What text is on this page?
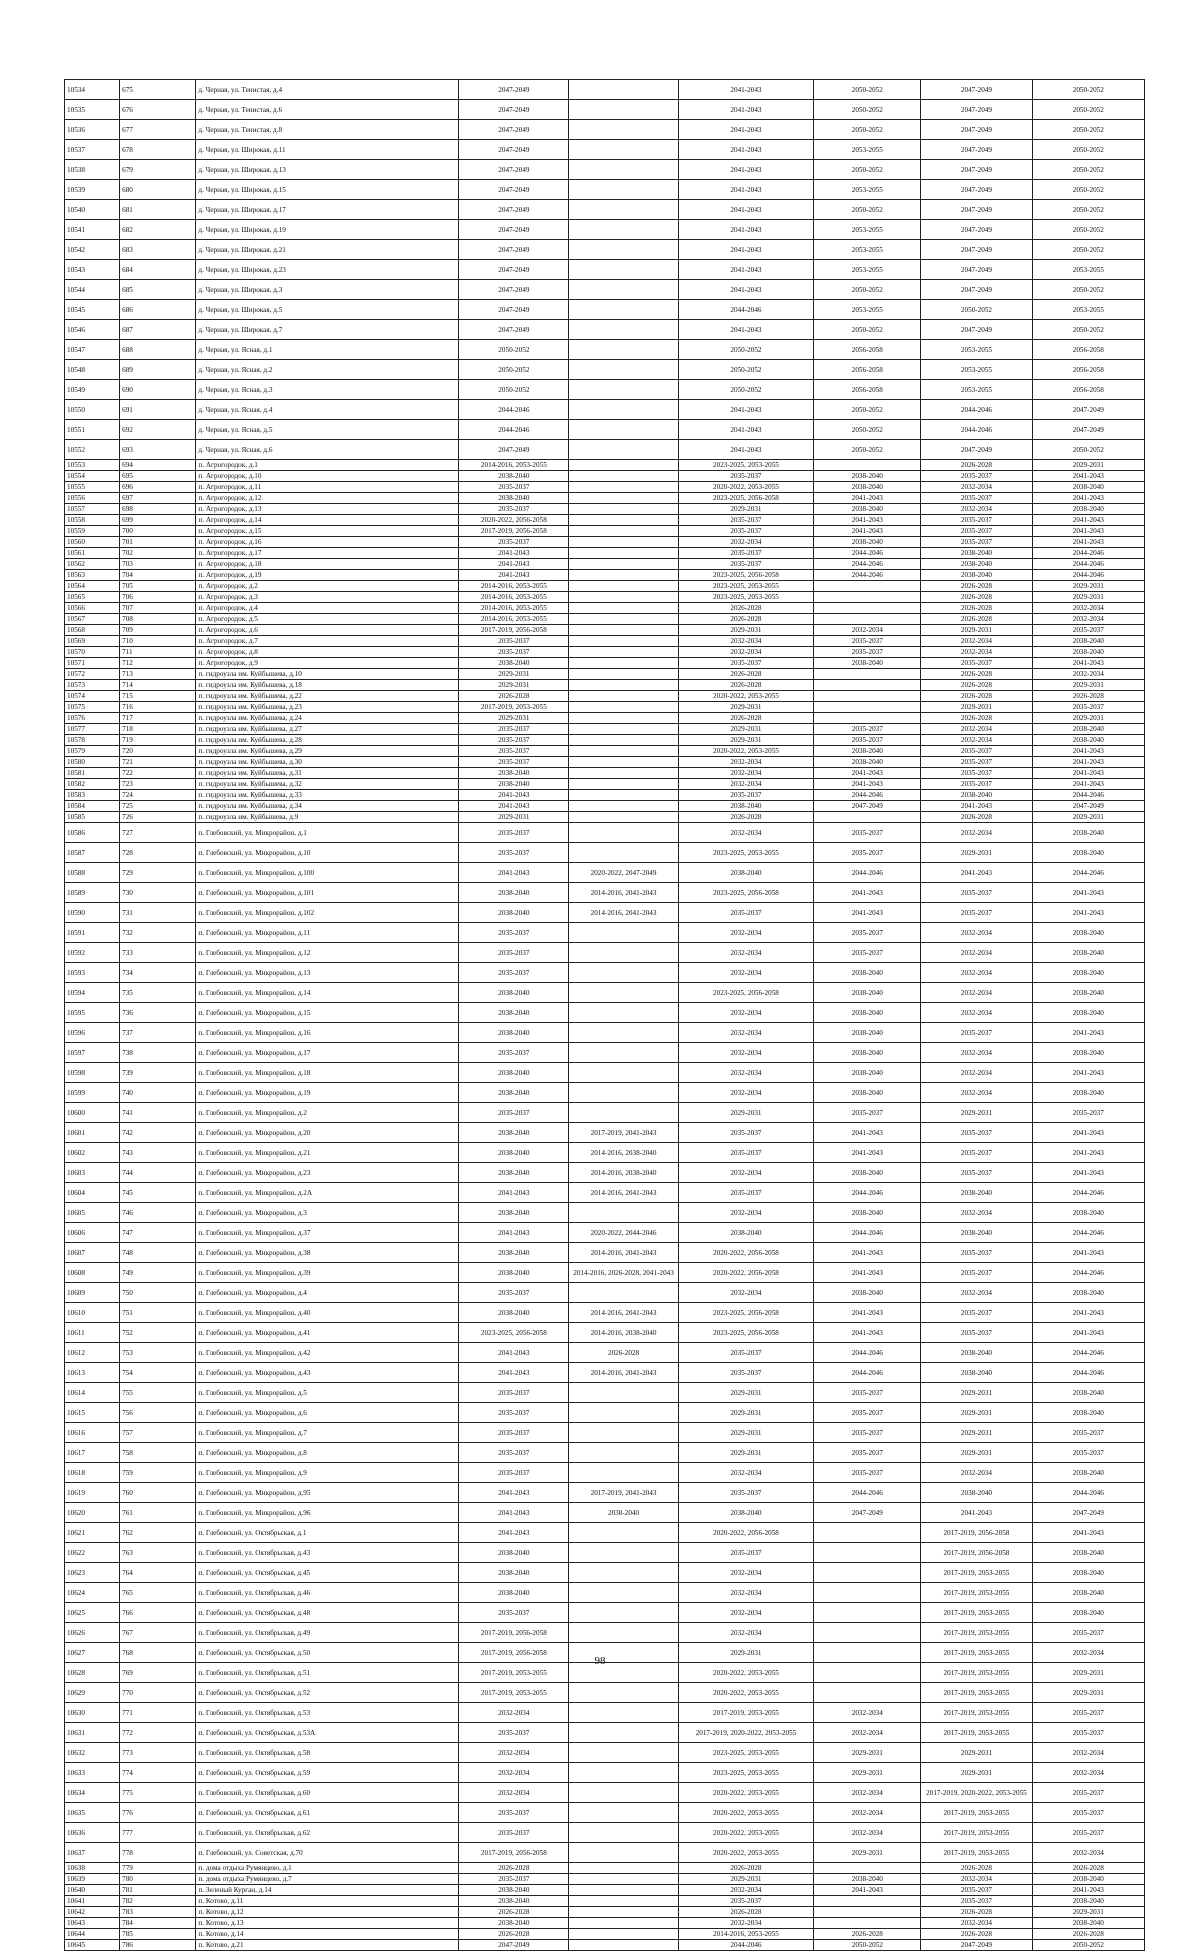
10534	675	д. Черная, ул. Тенистая, д.4	2047-2049		2041-2043	2050-2052	2047-2049	2050-2052
10535	676	д. Черная, ул. Тенистая, д.6	2047-2049		2041-2043	2050-2052	2047-2049	2050-2052
10536	677	д. Черная, ул. Тенистая, д.8	2047-2049		2041-2043	2050-2052	2047-2049	2050-2052
10537	678	д. Черная, ул. Широкая, д.11	2047-2049		2041-2043	2053-2055	2047-2049	2050-2052
10538	679	д. Черная, ул. Широкая, д.13	2047-2049		2041-2043	2050-2052	2047-2049	2050-2052
10539	680	д. Черная, ул. Широкая, д.15	2047-2049		2041-2043	2053-2055	2047-2049	2050-2052
10540	681	д. Черная, ул. Широкая, д.17	2047-2049		2041-2043	2050-2052	2047-2049	2050-2052
10541	682	д. Черная, ул. Широкая, д.19	2047-2049		2041-2043	2053-2055	2047-2049	2050-2052
10542	683	д. Черная, ул. Широкая, д.21	2047-2049		2041-2043	2053-2055	2047-2049	2050-2052
10543	684	д. Черная, ул. Широкая, д.23	2047-2049		2041-2043	2053-2055	2047-2049	2053-2055
10544	685	д. Черная, ул. Широкая, д.3	2047-2049		2041-2043	2050-2052	2047-2049	2050-2052
10545	686	д. Черная, ул. Широкая, д.5	2047-2049		2044-2046	2053-2055	2050-2052	2053-2055
10546	687	д. Черная, ул. Широкая, д.7	2047-2049		2041-2043	2050-2052	2047-2049	2050-2052
10547	688	д. Черная, ул. Ясная, д.1	2050-2052		2050-2052	2056-2058	2053-2055	2056-2058
10548	689	д. Черная, ул. Ясная, д.2	2050-2052		2050-2052	2056-2058	2053-2055	2056-2058
10549	690	д. Черная, ул. Ясная, д.3	2050-2052		2050-2052	2056-2058	2053-2055	2056-2058
10550	691	д. Черная, ул. Ясная, д.4	2044-2046		2041-2043	2050-2052	2044-2046	2047-2049
10551	692	д. Черная, ул. Ясная, д.5	2044-2046		2041-2043	2050-2052	2044-2046	2047-2049
10552	693	д. Черная, ул. Ясная, д.6	2047-2049		2041-2043	2050-2052	2047-2049	2050-2052
10553	694	п. Агрогородок, д.1	2014-2016, 2053-2055		2023-2025, 2053-2055		2026-2028	2029-2031
10554	695	п. Агрогородок, д.10	2038-2040		2035-2037	2038-2040	2035-2037	2041-2043
10555	696	п. Агрогородок, д.11	2035-2037		2020-2022, 2053-2055	2038-2040	2032-2034	2038-2040
10556	697	п. Агрогородок, д.12	2038-2040		2023-2025, 2056-2058	2041-2043	2035-2037	2041-2043
10557	698	п. Агрогородок, д.13	2035-2037		2029-2031	2038-2040	2032-2034	2038-2040
10558	699	п. Агрогородок, д.14	2020-2022, 2056-2058		2035-2037	2041-2043	2035-2037	2041-2043
10559	700	п. Агрогородок, д.15	2017-2019, 2056-2058		2035-2037	2041-2043	2035-2037	2041-2043
10560	701	п. Агрогородок, д.16	2035-2037		2032-2034	2038-2040	2035-2037	2041-2043
10561	702	п. Агрогородок, д.17	2041-2043		2035-2037	2044-2046	2038-2040	2044-2046
10562	703	п. Агрогородок, д.18	2041-2043		2035-2037	2044-2046	2038-2040	2044-2046
10563	704	п. Агрогородок, д.19	2041-2043		2023-2025, 2056-2058	2044-2046	2038-2040	2044-2046
10564	705	п. Агрогородок, д.2	2014-2016, 2053-2055		2023-2025, 2053-2055		2026-2028	2029-2031
10565	706	п. Агрогородок, д.3	2014-2016, 2053-2055		2023-2025, 2053-2055		2026-2028	2029-2031
10566	707	п. Агрогородок, д.4	2014-2016, 2053-2055		2026-2028		2026-2028	2032-2034
10567	708	п. Агрогородок, д.5	2014-2016, 2053-2055		2026-2028		2026-2028	2032-2034
10568	709	п. Агрогородок, д.6	2017-2019, 2056-2058		2029-2031	2032-2034	2029-2031	2035-2037
10569	710	п. Агрогородок, д.7	2035-2037		2032-2034	2035-2037	2032-2034	2038-2040
10570	711	п. Агрогородок, д.8	2035-2037		2032-2034	2035-2037	2032-2034	2038-2040
10571	712	п. Агрогородок, д.9	2038-2040		2035-2037	2038-2040	2035-2037	2041-2043
10572	713	п. гидроузла им. Куйбышева, д.10	2029-2031		2026-2028		2026-2028	2032-2034
10573	714	п. гидроузла им. Куйбышева, д.18	2029-2031		2026-2028		2026-2028	2029-2031
10574	715	п. гидроузла им. Куйбышева, д.22	2026-2028		2020-2022, 2053-2055		2026-2028	2026-2028
10575	716	п. гидроузла им. Куйбышева, д.23	2017-2019, 2053-2055		2029-2031		2029-2031	2035-2037
10576	717	п. гидроузла им. Куйбышева, д.24	2029-2031		2026-2028		2026-2028	2029-2031
10577	718	п. гидроузла им. Куйбышева, д.27	2035-2037		2029-2031	2035-2037	2032-2034	2038-2040
10578	719	п. гидроузла им. Куйбышева, д.28	2035-2037		2029-2031	2035-2037	2032-2034	2038-2040
10579	720	п. гидроузла им. Куйбышева, д.29	2035-2037		2020-2022, 2053-2055	2038-2040	2035-2037	2041-2043
10580	721	п. гидроузла им. Куйбышева, д.30	2035-2037		2032-2034	2038-2040	2035-2037	2041-2043
10581	722	п. гидроузла им. Куйбышева, д.31	2038-2040		2032-2034	2041-2043	2035-2037	2041-2043
10582	723	п. гидроузла им. Куйбышева, д.32	2038-2040		2032-2034	2041-2043	2035-2037	2041-2043
10583	724	п. гидроузла им. Куйбышева, д.33	2041-2043		2035-2037	2044-2046	2038-2040	2044-2046
10584	725	п. гидроузла им. Куйбышева, д.34	2041-2043		2038-2040	2047-2049	2041-2043	2047-2049
10585	726	п. гидроузла им. Куйбышева, д.9	2029-2031		2026-2028		2026-2028	2029-2031
10586	727	п. Глебовский, ул. Микрорайон, д.1	2035-2037		2032-2034	2035-2037	2032-2034	2038-2040
10587	728	п. Глебовский, ул. Микрорайон, д.10	2035-2037		2023-2025, 2053-2055	2035-2037	2029-2031	2038-2040
10588	729	п. Глебовский, ул. Микрорайон, д.100	2041-2043	2020-2022, 2047-2049	2038-2040	2044-2046	2041-2043	2044-2046
10589	730	п. Глебовский, ул. Микрорайон, д.101	2038-2040	2014-2016, 2041-2043	2023-2025, 2056-2058	2041-2043	2035-2037	2041-2043
10590	731	п. Глебовский, ул. Микрорайон, д.102	2038-2040	2014-2016, 2041-2043	2035-2037	2041-2043	2035-2037	2041-2043
10591	732	п. Глебовский, ул. Микрорайон, д.11	2035-2037		2032-2034	2035-2037	2032-2034	2038-2040
10592	733	п. Глебовский, ул. Микрорайон, д.12	2035-2037		2032-2034	2035-2037	2032-2034	2038-2040
10593	734	п. Глебовский, ул. Микрорайон, д.13	2035-2037		2032-2034	2038-2040	2032-2034	2038-2040
10594	735	п. Глебовский, ул. Микрорайон, д.14	2038-2040		2023-2025, 2056-2058	2038-2040	2032-2034	2038-2040
10595	736	п. Глебовский, ул. Микрорайон, д.15	2038-2040		2032-2034	2038-2040	2032-2034	2038-2040
10596	737	п. Глебовский, ул. Микрорайон, д.16	2038-2040		2032-2034	2038-2040	2035-2037	2041-2043
10597	738	п. Глебовский, ул. Микрорайон, д.17	2035-2037		2032-2034	2038-2040	2032-2034	2038-2040
10598	739	п. Глебовский, ул. Микрорайон, д.18	2038-2040		2032-2034	2038-2040	2032-2034	2041-2043
10599	740	п. Глебовский, ул. Микрорайон, д.19	2038-2040		2032-2034	2038-2040	2032-2034	2038-2040
10600	741	п. Глебовский, ул. Микрорайон, д.2	2035-2037		2029-2031	2035-2037	2029-2031	2035-2037
10601	742	п. Глебовский, ул. Микрорайон, д.20	2038-2040	2017-2019, 2041-2043	2035-2037	2041-2043	2035-2037	2041-2043
10602	743	п. Глебовский, ул. Микрорайон, д.21	2038-2040	2014-2016, 2038-2040	2035-2037	2041-2043	2035-2037	2041-2043
10603	744	п. Глебовский, ул. Микрорайон, д.23	2038-2040	2014-2016, 2038-2040	2032-2034	2038-2040	2035-2037	2041-2043
10604	745	п. Глебовский, ул. Микрорайон, д.2А	2041-2043	2014-2016, 2041-2043	2035-2037	2044-2046	2038-2040	2044-2046
10605	746	п. Глебовский, ул. Микрорайон, д.3	2038-2040		2032-2034	2038-2040	2032-2034	2038-2040
10606	747	п. Глебовский, ул. Микрорайон, д.37	2041-2043	2020-2022, 2044-2046	2038-2040	2044-2046	2038-2040	2044-2046
10607	748	п. Глебовский, ул. Микрорайон, д.38	2038-2040	2014-2016, 2041-2043	2020-2022, 2056-2058	2041-2043	2035-2037	2041-2043
10608	749	п. Глебовский, ул. Микрорайон, д.39	2038-2040	2014-2016, 2026-2028, 2041-2043	2020-2022, 2056-2058	2041-2043	2035-2037	2044-2046
10609	750	п. Глебовский, ул. Микрорайон, д.4	2035-2037		2032-2034	2038-2040	2032-2034	2038-2040
10610	751	п. Глебовский, ул. Микрорайон, д.40	2038-2040	2014-2016, 2041-2043	2023-2025, 2056-2058	2041-2043	2035-2037	2041-2043
10611	752	п. Глебовский, ул. Микрорайон, д.41	2023-2025, 2056-2058	2014-2016, 2038-2040	2023-2025, 2056-2058	2041-2043	2035-2037	2041-2043
10612	753	п. Глебовский, ул. Микрорайон, д.42	2041-2043	2026-2028	2035-2037	2044-2046	2038-2040	2044-2046
10613	754	п. Глебовский, ул. Микрорайон, д.43	2041-2043	2014-2016, 2041-2043	2035-2037	2044-2046	2038-2040	2044-2046
10614	755	п. Глебовский, ул. Микрорайон, д.5	2035-2037		2029-2031	2035-2037	2029-2031	2038-2040
10615	756	п. Глебовский, ул. Микрорайон, д.6	2035-2037		2029-2031	2035-2037	2029-2031	2038-2040
10616	757	п. Глебовский, ул. Микрорайон, д.7	2035-2037		2029-2031	2035-2037	2029-2031	2035-2037
10617	758	п. Глебовский, ул. Микрорайон, д.8	2035-2037		2029-2031	2035-2037	2029-2031	2035-2037
10618	759	п. Глебовский, ул. Микрорайон, д.9	2035-2037		2032-2034	2035-2037	2032-2034	2038-2040
10619	760	п. Глебовский, ул. Микрорайон, д.95	2041-2043	2017-2019, 2041-2043	2035-2037	2044-2046	2038-2040	2044-2046
10620	761	п. Глебовский, ул. Микрорайон, д.96	2041-2043	2038-2040	2038-2040	2047-2049	2041-2043	2047-2049
10621	762	п. Глебовский, ул. Октябрьская, д.1	2041-2043		2020-2022, 2056-2058		2017-2019, 2056-2058	2041-2043
10622	763	п. Глебовский, ул. Октябрьская, д.43	2038-2040		2035-2037		2017-2019, 2056-2058	2038-2040
10623	764	п. Глебовский, ул. Октябрьская, д.45	2038-2040		2032-2034		2017-2019, 2053-2055	2038-2040
10624	765	п. Глебовский, ул. Октябрьская, д.46	2038-2040		2032-2034		2017-2019, 2053-2055	2038-2040
10625	766	п. Глебовский, ул. Октябрьская, д.48	2035-2037		2032-2034		2017-2019, 2053-2055	2038-2040
10626	767	п. Глебовский, ул. Октябрьская, д.49	2017-2019, 2056-2058		2032-2034		2017-2019, 2053-2055	2035-2037
10627	768	п. Глебовский, ул. Октябрьская, д.50	2017-2019, 2056-2058		2029-2031		2017-2019, 2053-2055	2032-2034
10628	769	п. Глебовский, ул. Октябрьская, д.51	2017-2019, 2053-2055		2020-2022, 2053-2055		2017-2019, 2053-2055	2029-2031
10629	770	п. Глебовский, ул. Октябрьская, д.52	2017-2019, 2053-2055		2020-2022, 2053-2055		2017-2019, 2053-2055	2029-2031
10630	771	п. Глебовский, ул. Октябрьская, д.53	2032-2034		2017-2019, 2053-2055	2032-2034	2017-2019, 2053-2055	2035-2037
10631	772	п. Глебовский, ул. Октябрьская, д.53А	2035-2037		2017-2019, 2020-2022, 2053-2055	2032-2034	2017-2019, 2053-2055	2035-2037
10632	773	п. Глебовский, ул. Октябрьская, д.58	2032-2034		2023-2025, 2053-2055	2029-2031	2029-2031	2032-2034
10633	774	п. Глебовский, ул. Октябрьская, д.59	2032-2034		2023-2025, 2053-2055	2029-2031	2029-2031	2032-2034
10634	775	п. Глебовский, ул. Октябрьская, д.60	2032-2034		2020-2022, 2053-2055	2032-2034	2017-2019, 2020-2022, 2053-2055	2035-2037
10635	776	п. Глебовский, ул. Октябрьская, д.61	2035-2037		2020-2022, 2053-2055	2032-2034	2017-2019, 2053-2055	2035-2037
10636	777	п. Глебовский, ул. Октябрьская, д.62	2035-2037		2020-2022, 2053-2055	2032-2034	2017-2019, 2053-2055	2035-2037
10637	778	п. Глебовский, ул. Советская, д.70	2017-2019, 2056-2058		2020-2022, 2053-2055	2029-2031	2017-2019, 2053-2055	2032-2034
10638	779	п. дома отдыха Румянцево, д.1	2026-2028		2026-2028		2026-2028	2026-2028
10639	780	п. дома отдыха Румянцево, д.7	2035-2037		2029-2031	2038-2040	2032-2034	2038-2040
10640	781	п. Зеленый Курган, д.14	2038-2040		2032-2034	2041-2043	2035-2037	2041-2043
10641	782	п. Котово, д.11	2038-2040		2035-2037		2035-2037	2038-2040
10642	783	п. Котово, д.12	2026-2028		2026-2028		2026-2028	2029-2031
10643	784	п. Котово, д.13	2038-2040		2032-2034		2032-2034	2038-2040
10644	785	п. Котово, д.14	2026-2028		2014-2016, 2053-2055	2026-2028	2026-2028	2026-2028
10645	786	п. Котово, д.21	2047-2049		2044-2046	2050-2052	2047-2049	2050-2052
98
